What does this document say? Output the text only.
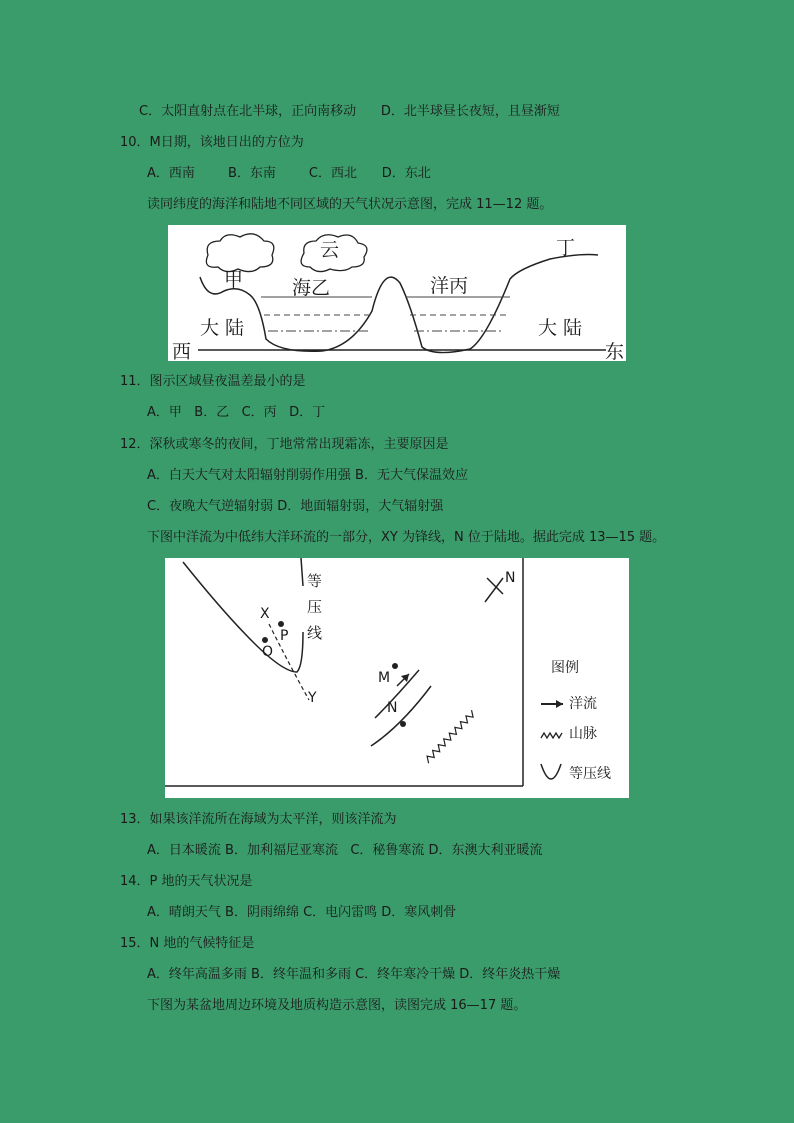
C．太阳直射点在北半球，正向南移动      D．北半球昼长夜短，且昼渐短
10．M日期，该地日出的方位为
A．西南        B．东南        C．西北      D．东北
读同纬度的海洋和陆地不同区域的天气状况示意图，完成 11—12 题。
云
甲	海乙	洋丙
丁
大 陆	大 陆
西	东
11．图示区域昼夜温差最小的是
A．甲   B．乙   C．丙   D．丁
12．深秋或寒冬的夜间，丁地常常出现霜冻，主要原因是
A．白天大气对太阳辐射削弱作用强 B．无大气保温效应
C．夜晚大气逆辐射弱 D．地面辐射弱，大气辐射强
下图中洋流为中低纬大洋环流的一部分，XY 为锋线，N 位于陆地。据此完成 13—15 题。
等
压
线
N
X
P
O
Y
M
N
图例
洋流
山脉
等压线
13．如果该洋流所在海域为太平洋，则该洋流为
A．日本暖流 B．加利福尼亚寒流   C．秘鲁寒流 D．东澳大利亚暖流
14．P 地的天气状况是
A．晴朗天气 B．阴雨绵绵 C．电闪雷鸣 D．寒风刺骨
15．N 地的气候特征是
A．终年高温多雨 B．终年温和多雨 C．终年寒冷干燥 D．终年炎热干燥
下图为某盆地周边环境及地质构造示意图，读图完成 16—17 题。
